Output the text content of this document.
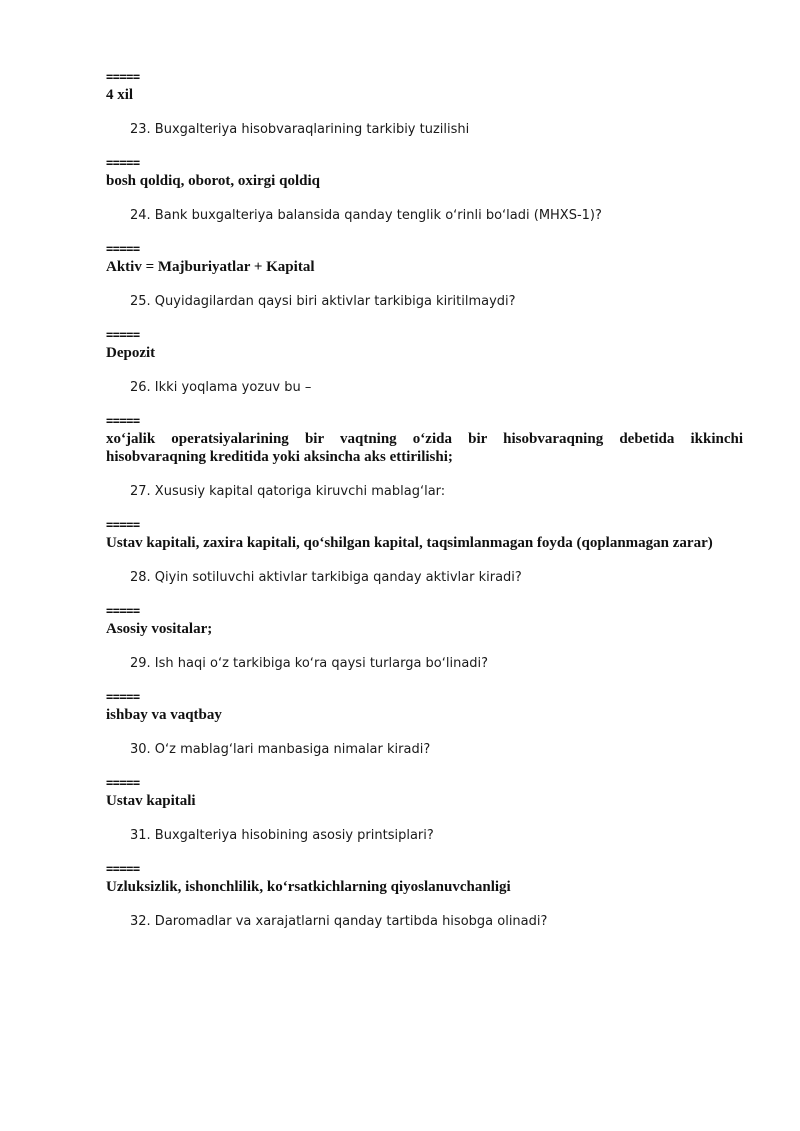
=====
4 xil
23. Buxgalteriya hisobvaraqlarining tarkibiy tuzilishi
=====
bosh qoldiq, oborot, oxirgi qoldiq
24. Bank buxgalteriya balansida qanday tenglik oʻrinli boʻladi (MHXS-1)?
=====
Aktiv = Majburiyatlar + Kapital
25. Quyidagilardan qaysi biri aktivlar tarkibiga kiritilmaydi?
=====
Depozit
26. Ikki yoqlama yozuv bu –
=====
xoʻjalik operatsiyalarining bir vaqtning oʻzida bir hisobvaraqning debetida ikkinchi hisobvaraqning kreditida yoki aksincha aks ettirilishi;
27. Xususiy kapital qatoriga kiruvchi mablagʻlar:
=====
Ustav kapitali, zaxira kapitali, qoʻshilgan kapital, taqsimlanmagan foyda (qoplanmagan zarar)
28. Qiyin sotiluvchi aktivlar tarkibiga qanday aktivlar kiradi?
=====
Asosiy vositalar;
29. Ish haqi oʻz tarkibiga koʻra qaysi turlarga boʻlinadi?
=====
ishbay va vaqtbay
30. Oʻz mablagʻlari manbasiga nimalar kiradi?
=====
Ustav kapitali
31. Buxgalteriya hisobining asosiy printsiplari?
=====
Uzluksizlik, ishonchlilik, koʻrsatkichlarning qiyoslanuvchanligi
32. Daromadlar va xarajatlarni qanday tartibda hisobga olinadi?
